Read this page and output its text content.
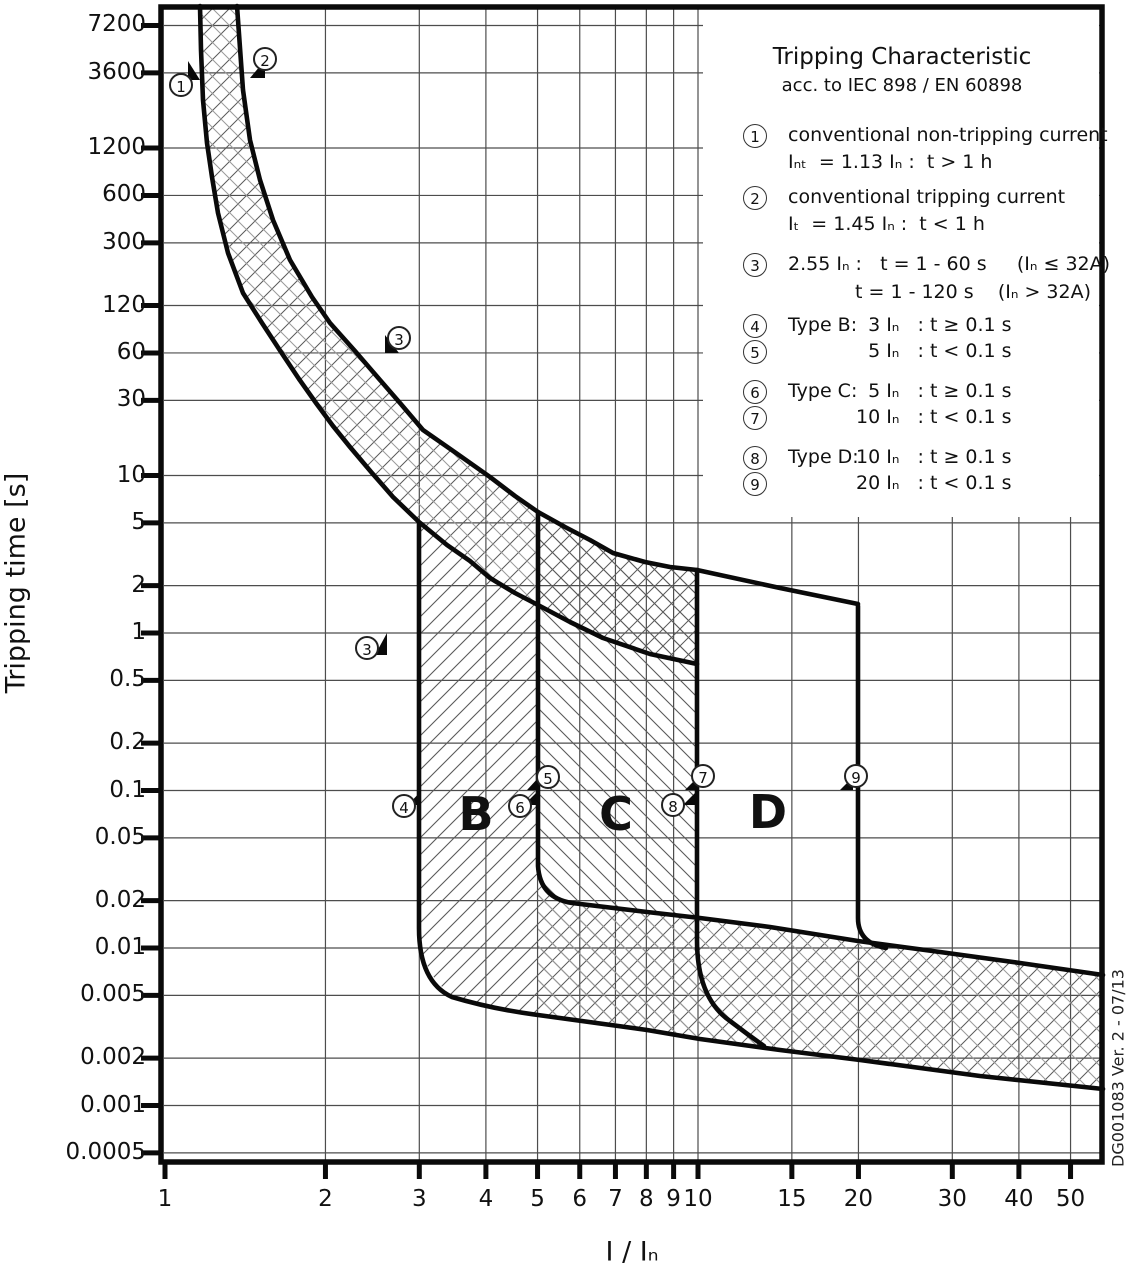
7200
3600
1200
600
300
120
60
30
10
5
2
1
0.5
0.2
0.1
0.05
0.02
0.01
0.005
0.002
0.001
0.0005
1	2	3	4	5	6 7 8 9 10	15	20	30	40 50
Tripping time [s]
I / Iₙ
DG001083 Ver. 2 - 07/13
B C	D
1
2
3
3
4
5
6
7
8
9
Tripping Characteristic
acc. to IEC 898 / EN 60898
1	conventional non-tripping current
Iₙₜ  = 1.13 Iₙ :  t > 1 h
2	conventional tripping current
Iₜ  = 1.45 Iₙ :  t < 1 h
3	2.55 Iₙ :   t = 1 - 60 s     (Iₙ ≤ 32A)
t = 1 - 120 s    (Iₙ > 32A)
4	Type B:
3 Iₙ   : t ≥ 0.1 s
5	5 Iₙ   : t < 0.1 s
6	Type C:
5 Iₙ   : t ≥ 0.1 s
7	10 Iₙ   : t < 0.1 s
8	Type D:
10 Iₙ   : t ≥ 0.1 s
9	20 Iₙ   : t < 0.1 s
